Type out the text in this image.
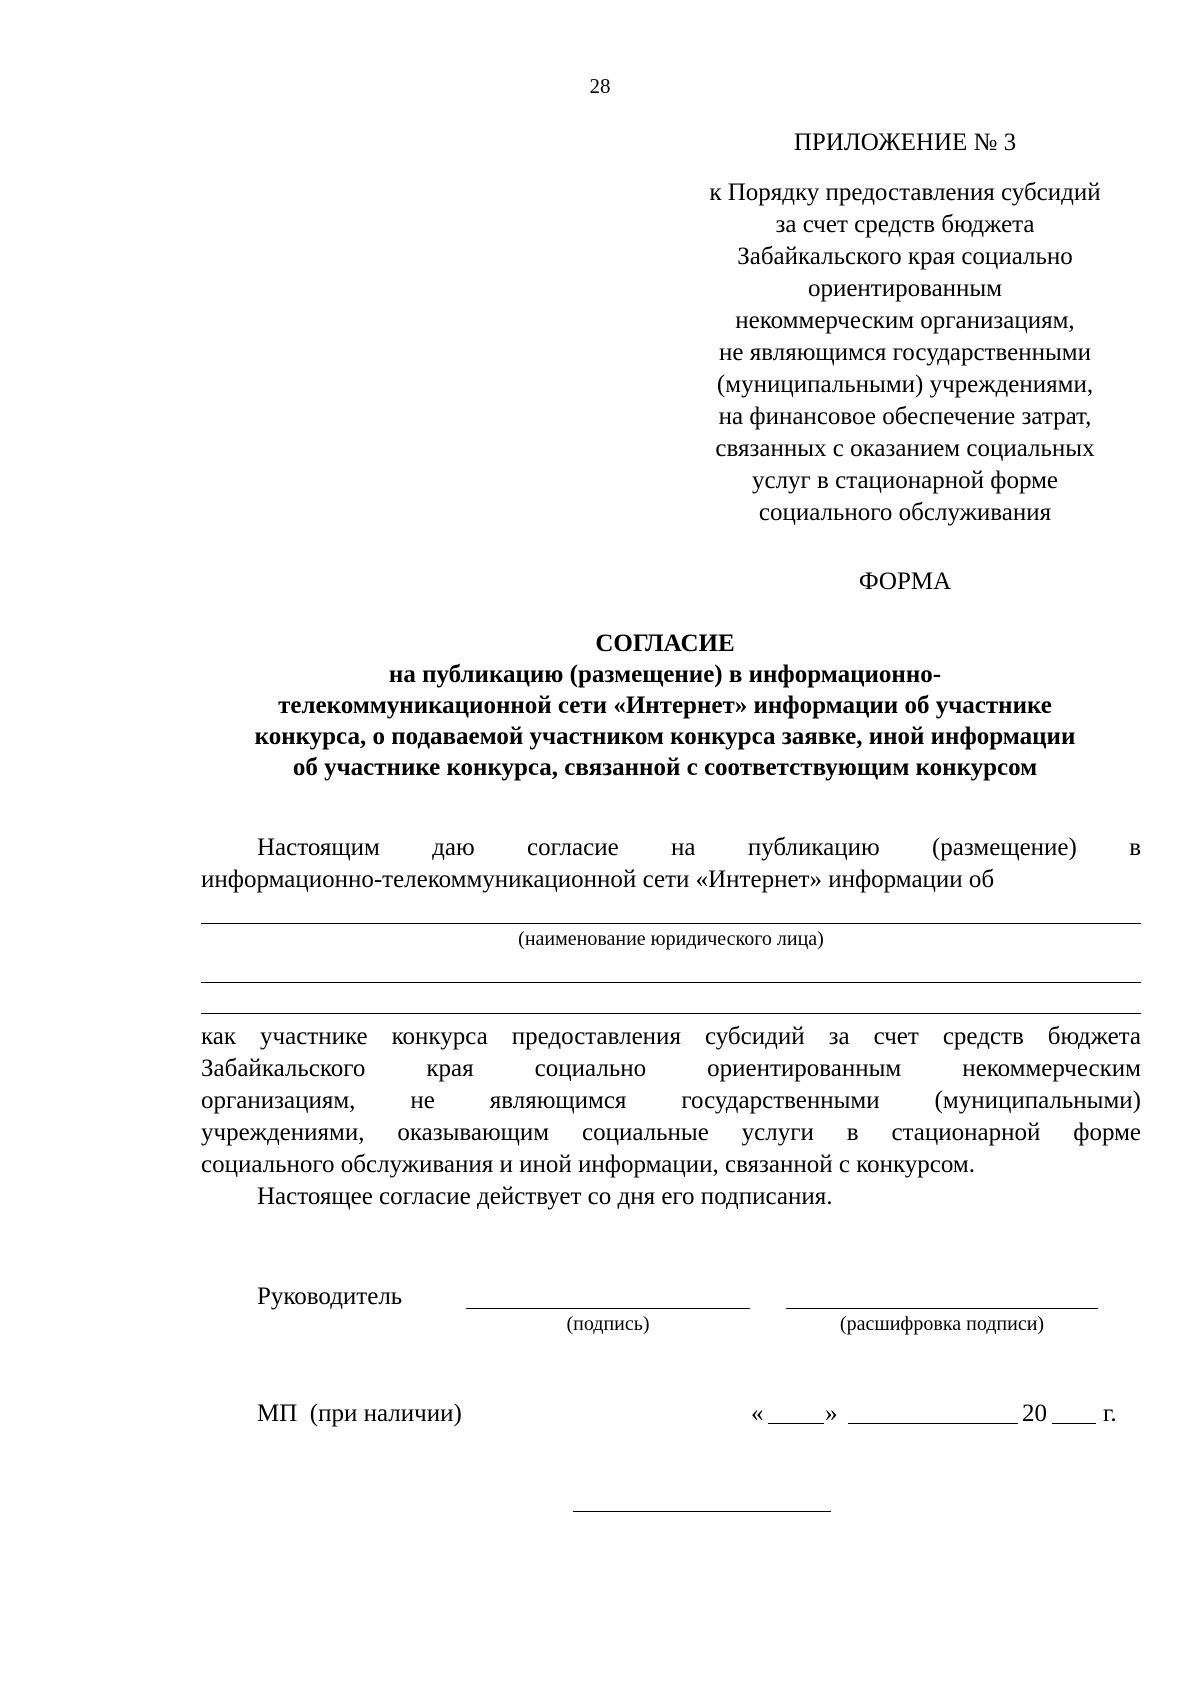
28
ПРИЛОЖЕНИЕ № 3
к Порядку предоставления субсидий
за счет средств бюджета
Забайкальского края социально
ориентированным
некоммерческим организациям,
не являющимся государственными
(муниципальными) учреждениями,
на финансовое обеспечение затрат,
связанных с оказанием социальных
услуг в стационарной форме
социального обслуживания
ФОРМА
СОГЛАСИЕ
на публикацию (размещение) в информационно-
телекоммуникационной сети «Интернет» информации об участнике
конкурса, о подаваемой участником конкурса заявке, иной информации
об участнике конкурса, связанной с соответствующим конкурсом
Настоящим даю согласие на публикацию (размещение) в
информационно-телекоммуникационной сети «Интернет» информации об
(наименование юридического лица)
как участнике конкурса предоставления субсидий за счет средств бюджета
Забайкальского края социально ориентированным некоммерческим
организациям, не являющимся государственными (муниципальными)
учреждениями, оказывающим социальные услуги в стационарной форме
социального обслуживания и иной информации, связанной с конкурсом.
Настоящее согласие действует со дня его подписания.
Руководитель
(подпись)	(расшифровка подписи)
МП  (при наличии)	« »	20 г.
